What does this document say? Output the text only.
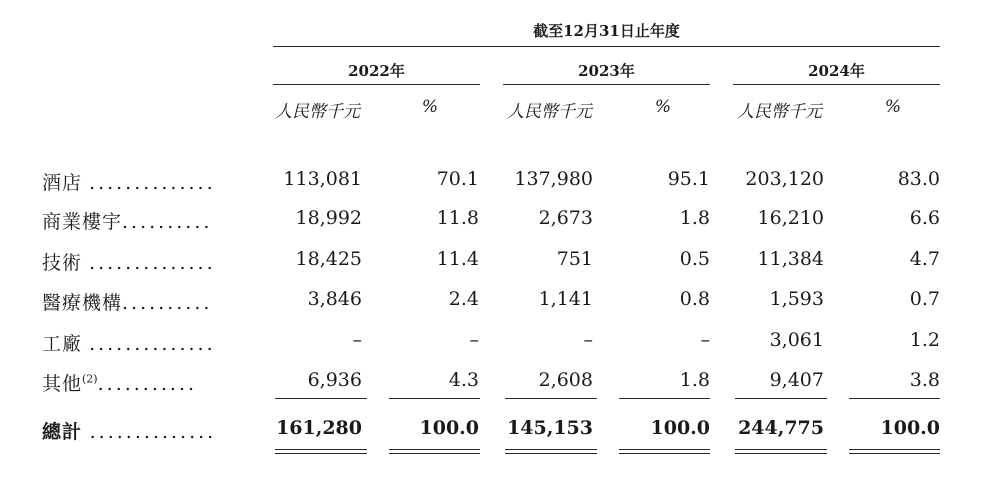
截至12月31日止年度
2022年	2023年	2024年
人民幣千元	%	人民幣千元	%	人民幣千元	%
酒店 ..............	113,081	70.1 137,980	95.1 203,120	83.0
商業樓宇..........	18,992	11.8	2,673	1.8	16,210	6.6
技術 ..............	18,425	11.4	751	0.5	11,384	4.7
醫療機構..........	3,846	2.4	1,141	0.8	1,593	0.7
工廠 ..............	–	–	–	–	3,061	1.2
其他$^{(2)}$...........	6,936	4.3	2,608	1.8	9,407	3.8
總計 ..............	161,280	100.0 145,153	100.0 244,775	100.0
